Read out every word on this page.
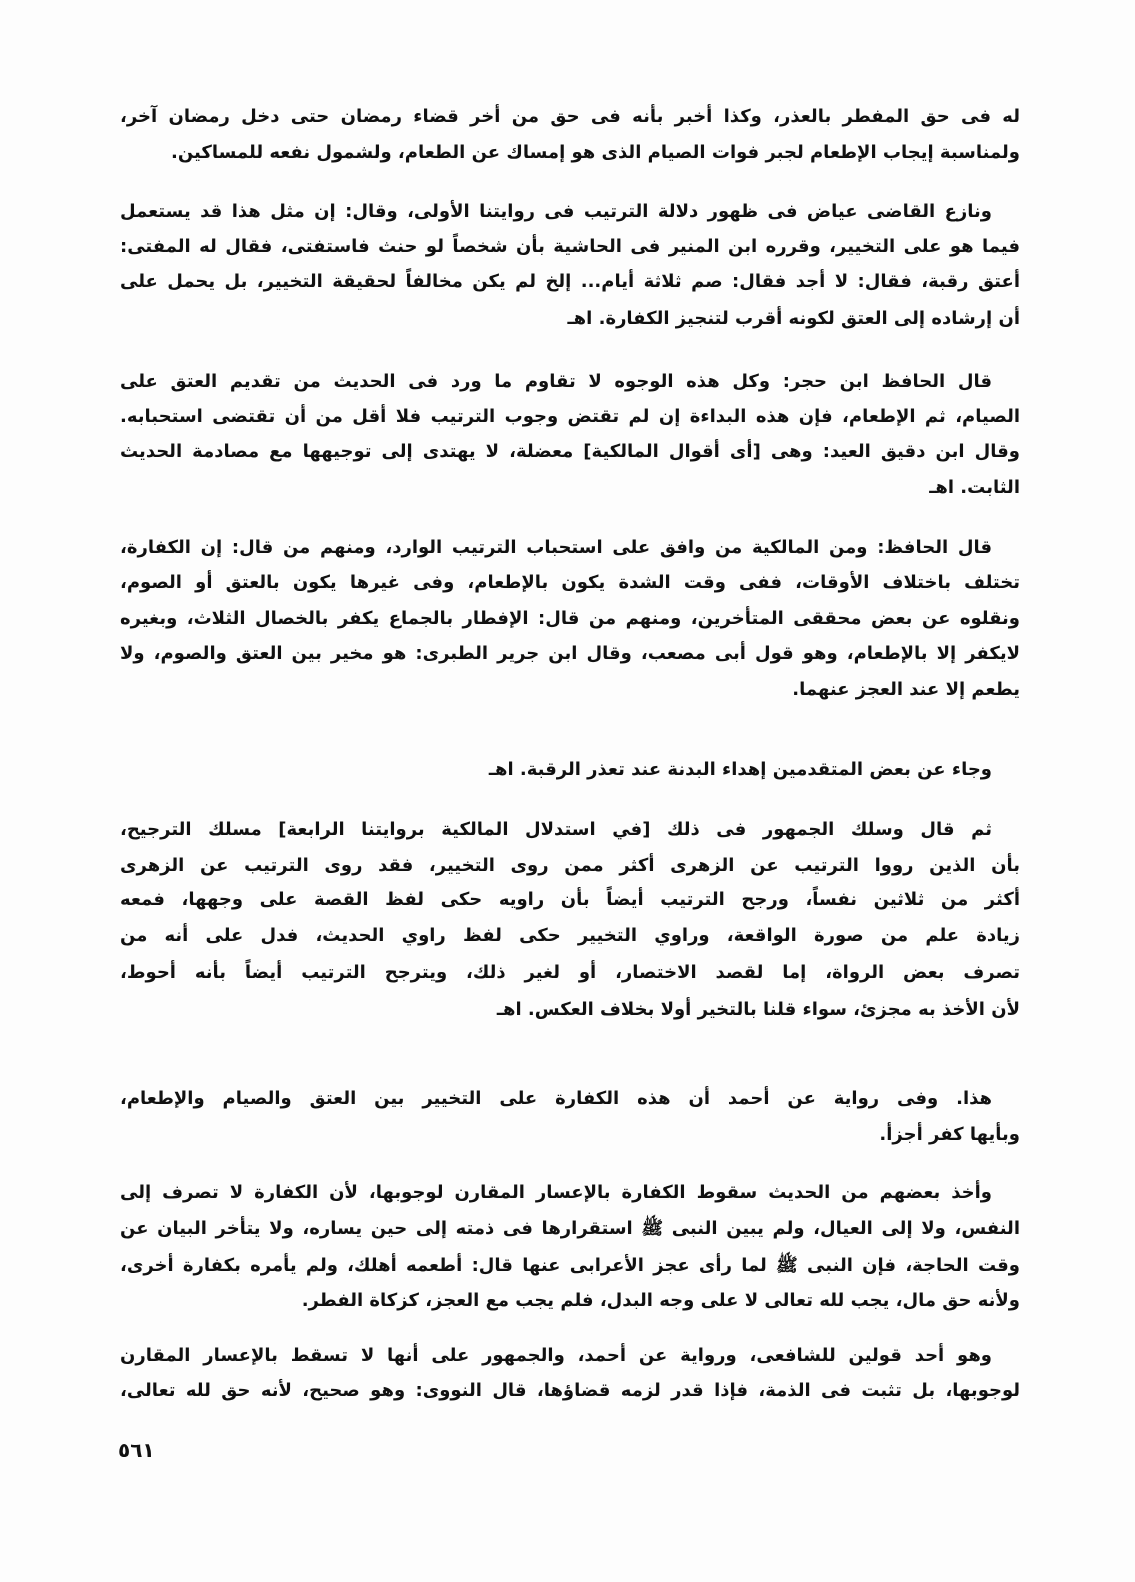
له فى حق المفطر بالعذر، وكذا أخبر بأنه فى حق من أخر قضاء رمضان حتى دخل رمضان آخر،
ولمناسبة إيجاب الإطعام لجبر فوات الصيام الذى هو إمساك عن الطعام، ولشمول نفعه للمساكين.
ونازع القاضى عياض فى ظهور دلالة الترتيب فى روايتنا الأولى، وقال: إن مثل هذا قد يستعمل
فيما هو على التخيير، وقرره ابن المنير فى الحاشية بأن شخصاً لو حنث فاستفتى، فقال له المفتى:
أعتق رقبة، فقال: لا أجد فقال: صم ثلاثة أيام... إلخ لم يكن مخالفاً لحقيقة التخيير، بل يحمل على
أن إرشاده إلى العتق لكونه أقرب لتنجيز الكفارة. اهـ
قال الحافظ ابن حجر: وكل هذه الوجوه لا تقاوم ما ورد فى الحديث من تقديم العتق على
الصيام، ثم الإطعام، فإن هذه البداءة إن لم تقتض وجوب الترتيب فلا أقل من أن تقتضى استحبابه.
وقال ابن دقيق العيد: وهى [أى أقوال المالكية] معضلة، لا يهتدى إلى توجيهها مع مصادمة الحديث
الثابت. اهـ
قال الحافظ: ومن المالكية من وافق على استحباب الترتيب الوارد، ومنهم من قال: إن الكفارة،
تختلف باختلاف الأوقات، ففى وقت الشدة يكون بالإطعام، وفى غيرها يكون بالعتق أو الصوم،
ونقلوه عن بعض محققى المتأخرين، ومنهم من قال: الإفطار بالجماع يكفر بالخصال الثلاث، وبغيره
لايكفر إلا بالإطعام، وهو قول أبى مصعب، وقال ابن جرير الطبرى: هو مخير بين العتق والصوم، ولا
يطعم إلا عند العجز عنهما.
وجاء عن بعض المتقدمين إهداء البدنة عند تعذر الرقبة. اهـ
ثم قال وسلك الجمهور فى ذلك [في استدلال المالكية بروايتنا الرابعة] مسلك الترجيح،
بأن الذين رووا الترتيب عن الزهرى أكثر ممن روى التخيير، فقد روى الترتيب عن الزهرى
أكثر من ثلاثين نفساً، ورجح الترتيب أيضاً بأن راويه حكى لفظ القصة على وجهها، فمعه
زيادة علم من صورة الواقعة، وراوي التخيير حكى لفظ راوي الحديث، فدل على أنه من
تصرف بعض الرواة، إما لقصد الاختصار، أو لغير ذلك، ويترجح الترتيب أيضاً بأنه أحوط،
لأن الأخذ به مجزئ، سواء قلنا بالتخير أولا بخلاف العكس. اهـ
هذا. وفى رواية عن أحمد أن هذه الكفارة على التخيير بين العتق والصيام والإطعام،
وبأيها كفر أجزأ.
وأخذ بعضهم من الحديث سقوط الكفارة بالإعسار المقارن لوجوبها، لأن الكفارة لا تصرف إلى
النفس، ولا إلى العيال، ولم يبين النبى ﷺ استقرارها فى ذمته إلى حين يساره، ولا يتأخر البيان عن
وقت الحاجة، فإن النبى ﷺ لما رأى عجز الأعرابى عنها قال: أطعمه أهلك، ولم يأمره بكفارة أخرى،
ولأنه حق مال، يجب لله تعالى لا على وجه البدل، فلم يجب مع العجز، كزكاة الفطر.
وهو أحد قولين للشافعى، ورواية عن أحمد، والجمهور على أنها لا تسقط بالإعسار المقارن
لوجوبها، بل تثبت فى الذمة، فإذا قدر لزمه قضاؤها، قال النووى: وهو صحيح، لأنه حق لله تعالى،
٥٦١
